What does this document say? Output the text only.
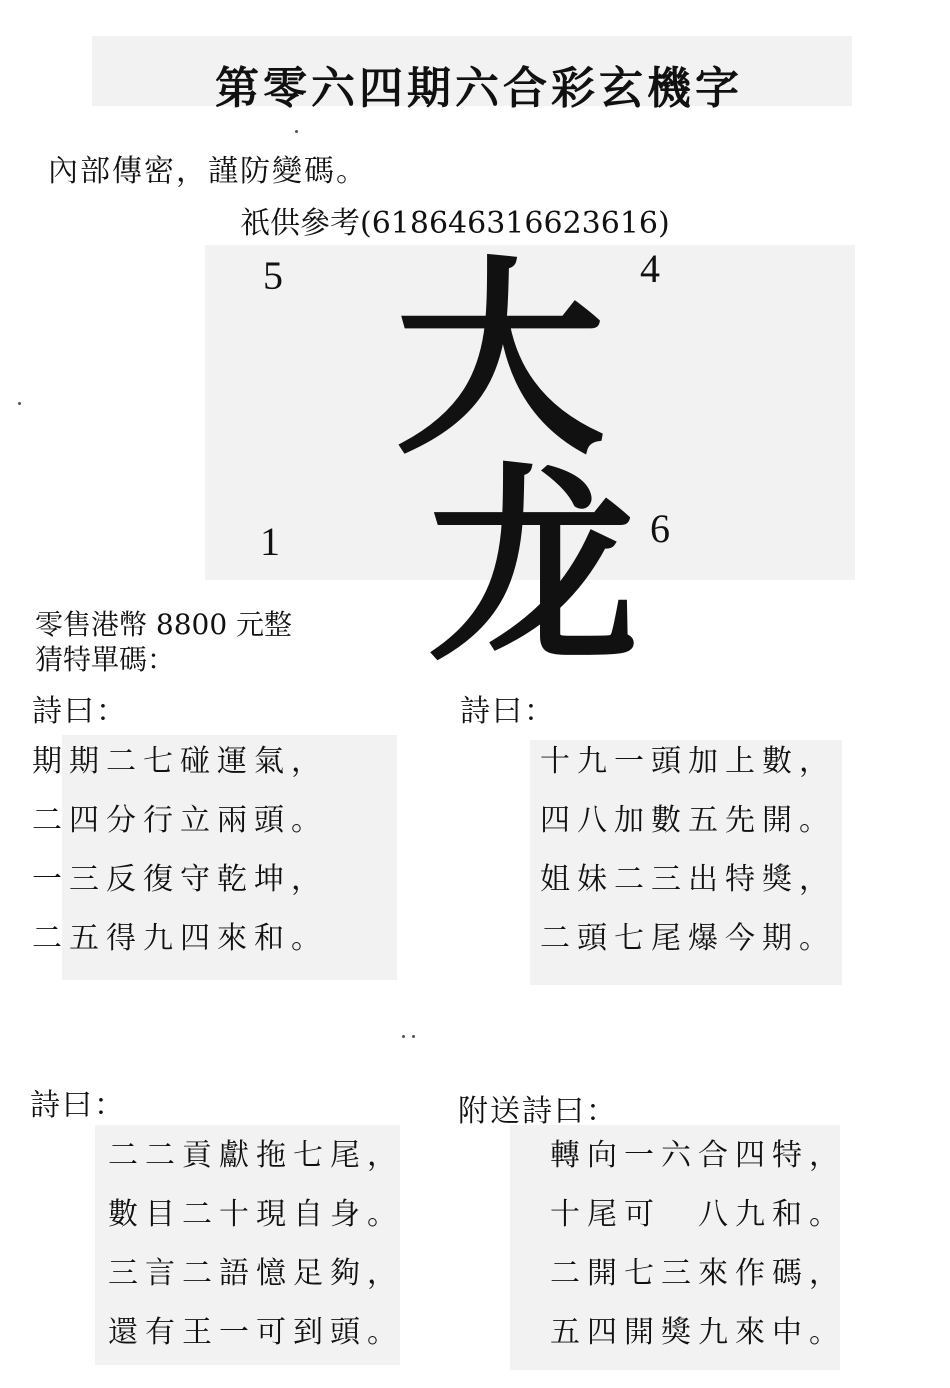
第零六四期六合彩玄機字
內部傳密，謹防變碼。
祇供參考(618646316623616)
5	4
1	6
大
龙
零售港幣 8800 元整
猜特單碼：
詩曰：
期期二七碰運氣，
二四分行立兩頭。
一三反復守乾坤，
二五得九四來和。
詩曰：
十九一頭加上數，
四八加數五先開。
姐妹二三出特獎，
二頭七尾爆今期。
詩曰：
二二貢獻拖七尾，
數目二十現自身。
三言二語憶足夠，
還有王一可到頭。
附送詩曰：
轉向一六合四特，
十尾可　八九和。
二開七三來作碼，
五四開獎九來中。
